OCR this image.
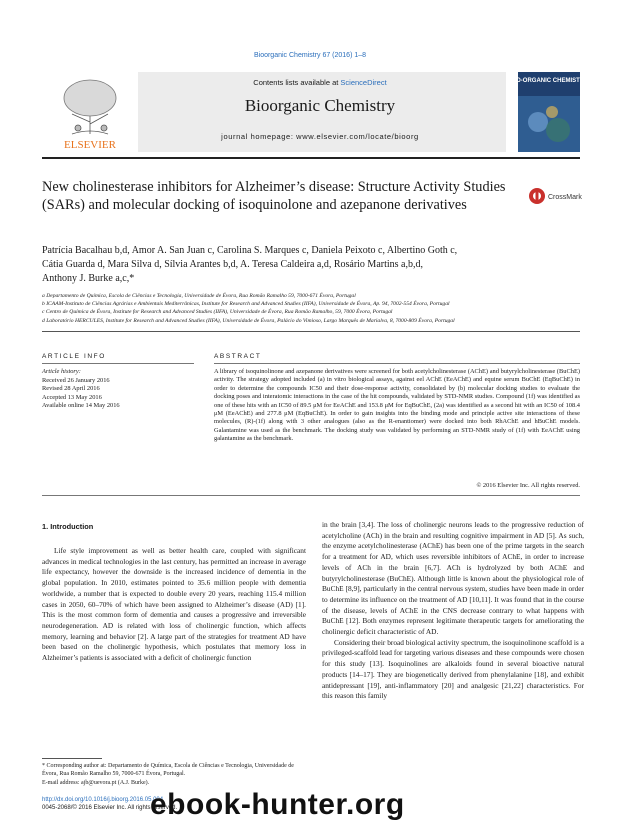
Bioorganic Chemistry 67 (2016) 1–8
ELSEVIER
Contents lists available at ScienceDirect
Bioorganic Chemistry
journal homepage: www.elsevier.com/locate/bioorg
BIO-ORGANIC CHEMISTRY
New cholinesterase inhibitors for Alzheimer’s disease: Structure Activity Studies (SARs) and molecular docking of isoquinolone and azepanone derivatives	CrossMark
Patrícia Bacalhau b,d, Amor A. San Juan c, Carolina S. Marques c, Daniela Peixoto c, Albertino Goth c,
Cátia Guarda d, Mara Silva d, Sílvia Arantes b,d, A. Teresa Caldeira a,d, Rosário Martins a,b,d,
Anthony J. Burke a,c,*
a Departamento de Química, Escola de Ciências e Tecnologia, Universidade de Évora, Rua Romão Ramalho 59, 7000-671 Évora, Portugal
b ICAAM-Instituto de Ciências Agrárias e Ambientais Mediterrânicas, Institute for Research and Advanced Studies (IIFA), Universidade de Évora, Ap. 94, 7002-554 Évora, Portugal
c Centro de Química de Évora, Institute for Research and Advanced Studies (IIFA), Universidade de Évora, Rua Romão Ramalho, 59, 7000 Évora, Portugal
d Laboratório HERCULES, Institute for Research and Advanced Studies (IIFA), Universidade de Évora, Palácio do Vimioso, Largo Marquês de Marialva, 8, 7000-809 Évora, Portugal
ARTICLE INFO
Article history:
Received 26 January 2016
Revised 28 April 2016
Accepted 13 May 2016
Available online 14 May 2016
ABSTRACT
A library of isoquinolinone and azepanone derivatives were screened for both acetylcholinesterase (AChE) and butyrylcholinesterase (BuChE) activity. The strategy adopted included (a) in vitro biological assays, against eel AChE (EeAChE) and equine serum BuChE (EqBuChE) in order to determine the compounds IC50 and their dose-response activity, consolidated by (b) molecular docking studies to evaluate the docking poses and interatomic interactions in the case of the hit compounds, validated by STD-NMR studies. Compound (1f) was identified as one of these hits with an IC50 of 89.5 μM for EeAChE and 153.8 μM for EqBuChE, (2a) was identified as a second hit with an IC50 of 108.4 μM (EeAChE) and 277.8 μM (EqBuChE). In order to gain insights into the binding mode and principle active site interactions of these molecules, (R)-(1f) along with 3 other analogues (also as the R-enantiomer) were docked into both RhAChE and hBuChE models. Galantamine was used as the benchmark. The docking study was validated by performing an STD-NMR study of (1f) with EeAChE using galantamine as the benchmark.
© 2016 Elsevier Inc. All rights reserved.
1. Introduction

Life style improvement as well as better health care, coupled with significant advances in medical technologies in the last century, has permitted an increase in average life expectancy, however the downside is the increased incidence of dementia in the global population. In 2010, estimates pointed to 35.6 million people with dementia worldwide, a number that is expected to double every 20 years, reaching 115.4 million cases in 2050, 60–70% of which have been assigned to Alzheimer’s disease (AD) [1]. This is the most common form of dementia and causes a progressive and irreversible neurodegeneration. AD is related with loss of cholinergic function, which affects memory, learning and behavior [2]. A large part of the strategies for treatment AD have been based on the cholinergic hypothesis, which postulates that memory loss in Alzheimer’s patients is associated with a deficit of cholinergic function

in the brain [3,4]. The loss of cholinergic neurons leads to the progressive reduction of acetylcholine (ACh) in the brain and resulting cognitive impairment in AD [5]. As such, the enzyme acetylcholinesterase (AChE) has been one of the prime targets in the search for a treatment for AD, which uses reversible inhibitors of AChE, in order to increase levels of ACh in the brain [6,7]. ACh is hydrolyzed by both AChE and butyrylcholinesterase (BuChE). Although little is known about the physiological role of BuChE [8,9], particularly in the central nervous system, studies have been made in order to determine its influence on the treatment of AD [10,11]. It was found that in the course of the disease, levels of AChE in the CNS decrease contrary to what happens with BuChE [12]. Both enzymes represent legitimate therapeutic targets for ameliorating the cholinergic deficit characteristic of AD.

Considering their broad biological activity spectrum, the isoquinolinone scaffold is a privileged-scaffold lead for targeting various diseases and these compounds were chosen for this study [13]. Isoquinolines are alkaloids found in several bioactive natural products [14–17]. They are biogenetically derived from phenylalanine [18], and exhibit antidepressant [19], anti-inflammatory [20] and analgesic [21,22] characteristics. For this reason this family

* Corresponding author at: Departamento de Química, Escola de Ciências e Tecnologia, Universidade de Évora, Rua Romão Ramalho 59, 7000-671 Évora, Portugal.
E-mail address: ajb@uevora.pt (A.J. Burke).
http://dx.doi.org/10.1016/j.bioorg.2016.05.004
0045-2068/© 2016 Elsevier Inc. All rights reserved.
ebook-hunter.org
